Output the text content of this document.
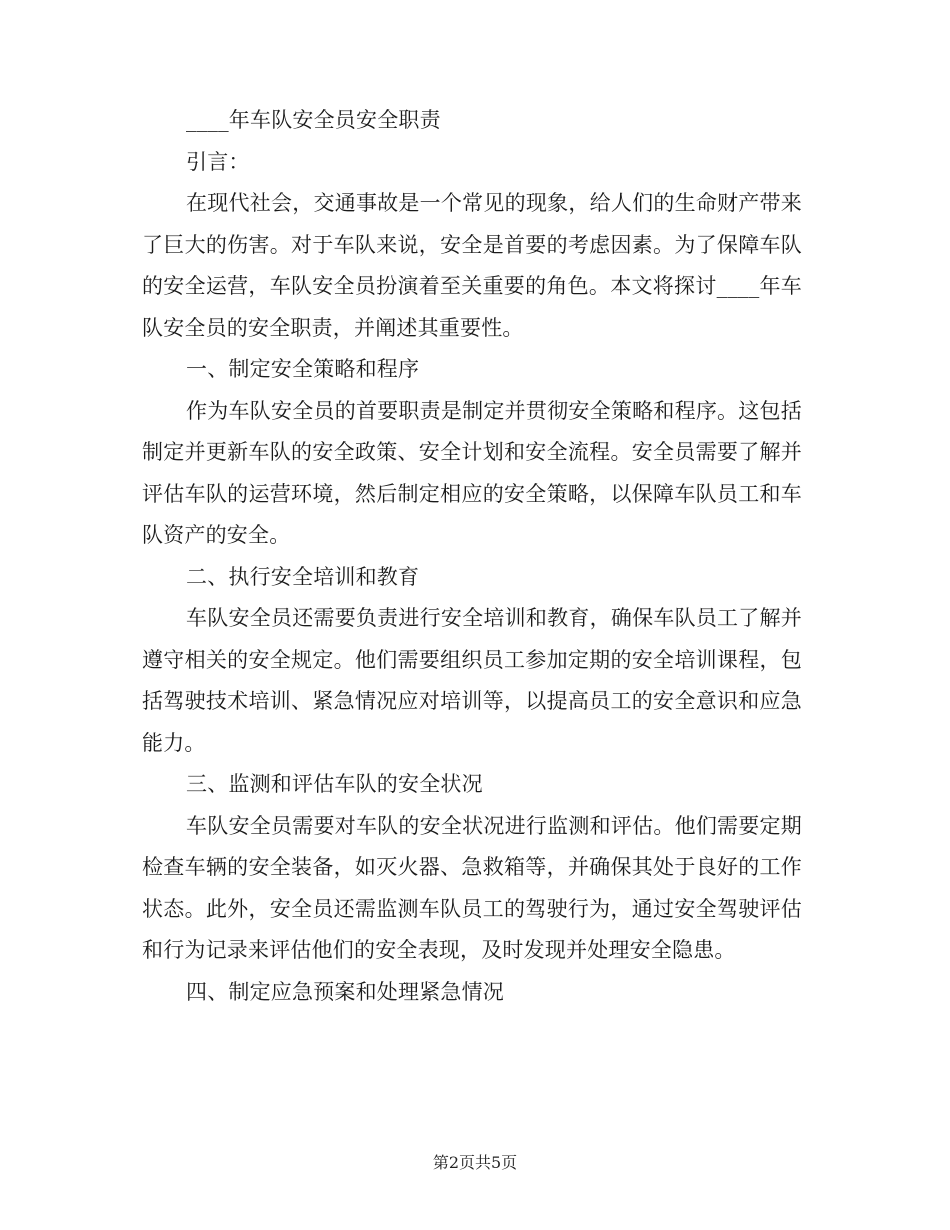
____年车队安全员安全职责

引言：

在现代社会，交通事故是一个常见的现象，给人们的生命财产带来了巨大的伤害。对于车队来说，安全是首要的考虑因素。为了保障车队的安全运营，车队安全员扮演着至关重要的角色。本文将探讨____年车队安全员的安全职责，并阐述其重要性。

一、制定安全策略和程序

作为车队安全员的首要职责是制定并贯彻安全策略和程序。这包括制定并更新车队的安全政策、安全计划和安全流程。安全员需要了解并评估车队的运营环境，然后制定相应的安全策略，以保障车队员工和车队资产的安全。

二、执行安全培训和教育

车队安全员还需要负责进行安全培训和教育，确保车队员工了解并遵守相关的安全规定。他们需要组织员工参加定期的安全培训课程，包括驾驶技术培训、紧急情况应对培训等，以提高员工的安全意识和应急能力。

三、监测和评估车队的安全状况

车队安全员需要对车队的安全状况进行监测和评估。他们需要定期检查车辆的安全装备，如灭火器、急救箱等，并确保其处于良好的工作状态。此外，安全员还需监测车队员工的驾驶行为，通过安全驾驶评估和行为记录来评估他们的安全表现，及时发现并处理安全隐患。

四、制定应急预案和处理紧急情况

第2页共5页
